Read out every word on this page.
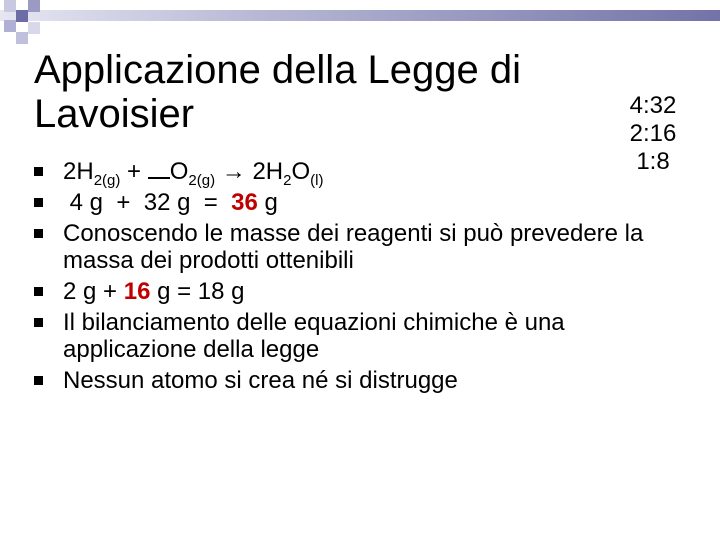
Applicazione della Legge di Lavoisier	4:32
2:16
1:8
$2H_{2(g)} + O_{2(g)} \to 2H_2O_{(l)}$
4 g  +  32 g  =  36 g
Conoscendo le masse dei reagenti si può prevedere la massa dei prodotti ottenibili
2 g + 16 g = 18 g
Il bilanciamento delle equazioni chimiche è una applicazione della legge
Nessun atomo si crea né si distrugge
